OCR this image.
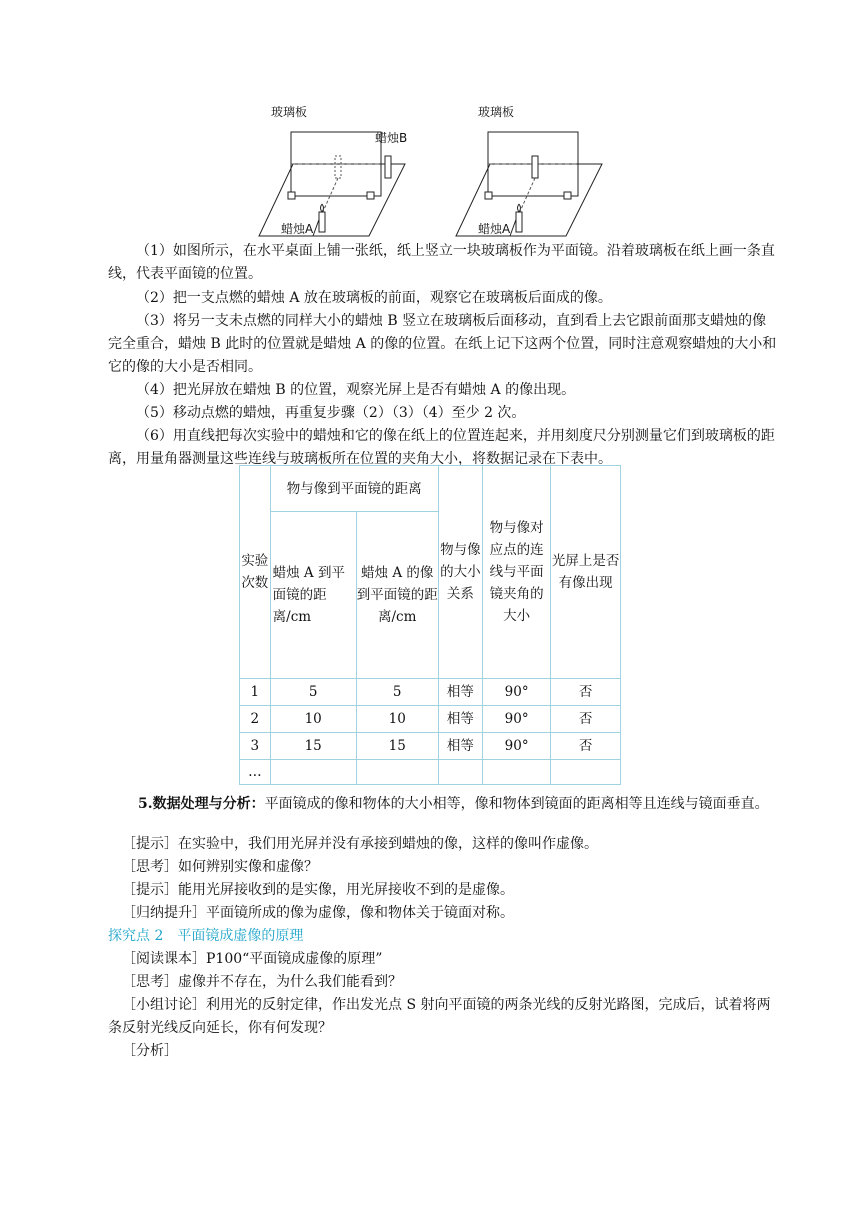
玻璃板
蜡烛B
蜡烛A
玻璃板
蜡烛A
（1）如图所示，在水平桌面上铺一张纸，纸上竖立一块玻璃板作为平面镜。沿着玻璃板在纸上画一条直线，代表平面镜的位置。
（2）把一支点燃的蜡烛 A 放在玻璃板的前面，观察它在玻璃板后面成的像。
（3）将另一支未点燃的同样大小的蜡烛 B 竖立在玻璃板后面移动，直到看上去它跟前面那支蜡烛的像完全重合，蜡烛 B 此时的位置就是蜡烛 A 的像的位置。在纸上记下这两个位置，同时注意观察蜡烛的大小和它的像的大小是否相同。
（4）把光屏放在蜡烛 B 的位置，观察光屏上是否有蜡烛 A 的像出现。
（5）移动点燃的蜡烛，再重复步骤（2）（3）（4）至少 2 次。
（6）用直线把每次实验中的蜡烛和它的像在纸上的位置连起来，并用刻度尺分别测量它们到玻璃板的距离，用量角器测量这些连线与玻璃板所在位置的夹角大小，将数据记录在下表中。
实验次数	物与像到平面镜的距离		物与像的大小关系	物与像对应点的连线与平面镜夹角的大小	光屏上是否有像出现
	蜡烛 A 到平面镜的距离/cm	蜡烛 A 的像到平面镜的距离/cm			
1	5	5	相等	90°	否
2	10	10	相等	90°	否
3	15	15	相等	90°	否
…					
5.数据处理与分析：平面镜成的像和物体的大小相等，像和物体到镜面的距离相等且连线与镜面垂直。
［提示］在实验中，我们用光屏并没有承接到蜡烛的像，这样的像叫作虚像。
［思考］如何辨别实像和虚像？
［提示］能用光屏接收到的是实像，用光屏接收不到的是虚像。
［归纳提升］平面镜所成的像为虚像，像和物体关于镜面对称。
探究点 2　平面镜成虚像的原理
［阅读课本］P100“平面镜成虚像的原理”
［思考］虚像并不存在，为什么我们能看到？
［小组讨论］利用光的反射定律，作出发光点 S 射向平面镜的两条光线的反射光路图，完成后，试着将两条反射光线反向延长，你有何发现？
［分析］
